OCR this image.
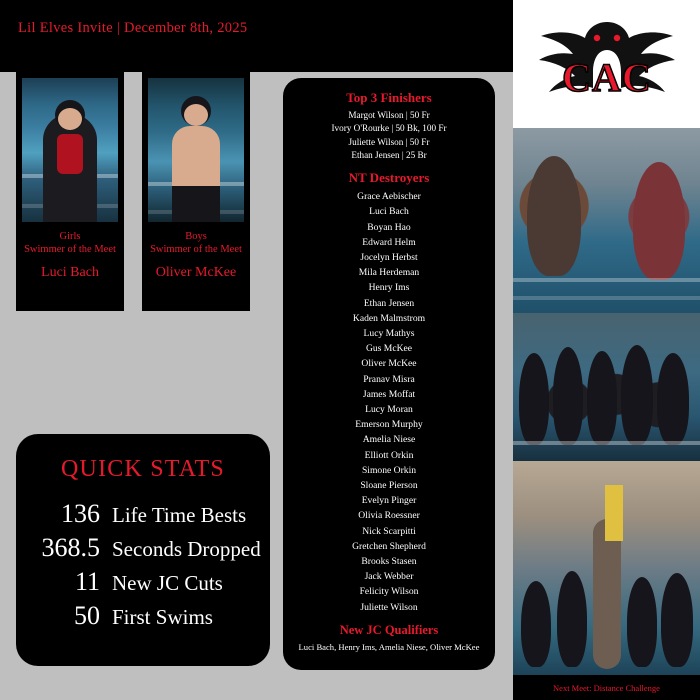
Lil Elves Invite | December 8th, 2025
Girls
Swimmer of the Meet
Luci Bach
Boys
Swimmer of the Meet
Oliver McKee
Top 3 Finishers
Margot Wilson | 50 Fr
Ivory O'Rourke | 50 Bk, 100 Fr
Juliette Wilson | 50 Fr
Ethan Jensen | 25 Br
NT Destroyers
Grace Aebischer
Luci Bach
Boyan Hao
Edward Helm
Jocelyn Herbst
Mila Herdeman
Henry Ims
Ethan Jensen
Kaden Malmstrom
Lucy Mathys
Gus McKee
Oliver McKee
Pranav Misra
James Moffat
Lucy Moran
Emerson Murphy
Amelia Niese
Elliott Orkin
Simone Orkin
Sloane Pierson
Evelyn Pinger
Olivia Roessner
Nick Scarpitti
Gretchen Shepherd
Brooks Stasen
Jack Webber
Felicity Wilson
Juliette Wilson
New JC Qualifiers
Luci Bach, Henry Ims, Amelia Niese, Oliver McKee
QUICK STATS
136 Life Time Bests
368.5 Seconds Dropped
11 New JC Cuts
50 First Swims
CAC
Next Meet: Distance Challenge
